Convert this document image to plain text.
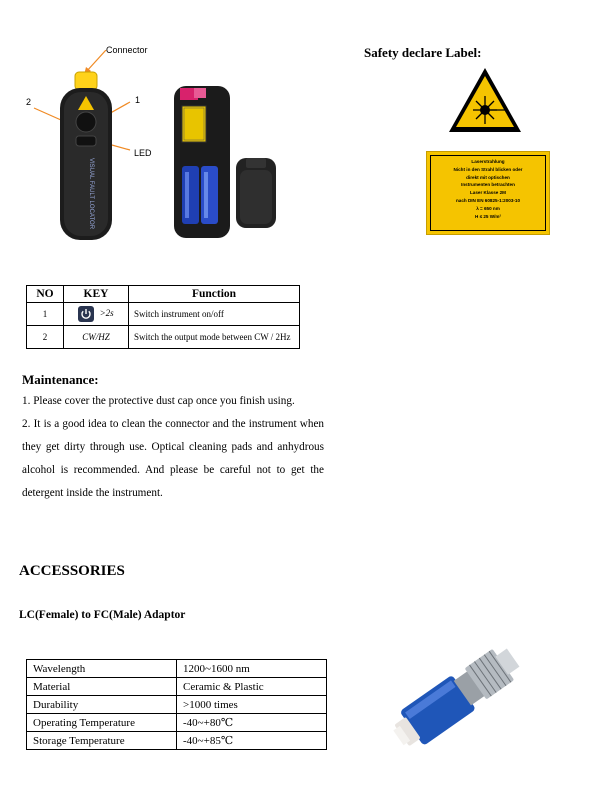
Connector
2	1
LED
VISUAL FAULT LOCATOR
Safety declare Label:
Laserstrahlung
Nicht in den Strahl blicken oder
direkt mit optischen
Instrumenten betrachten
Laser Klasse 2M
nach DIN EN 60825-1:2003-10
λ = 650 nm
H ≤ 25 W/m²
NO	KEY	Function
1	>2s	Switch instrument on/off
2	CW/HZ	Switch the output mode between CW / 2Hz
Maintenance:

1. Please cover the protective dust cap once you finish using.

2. It is a good idea to clean the connector and the instrument when they get dirty through use. Optical cleaning pads and anhydrous alcohol is recommended. And please be careful not to get the detergent inside the instrument.

ACCESSORIES
LC(Female) to FC(Male) Adaptor
Wavelength	1200~1600 nm
Material	Ceramic & Plastic
Durability	>1000 times
Operating Temperature	-40~+80℃
Storage Temperature	-40~+85℃
